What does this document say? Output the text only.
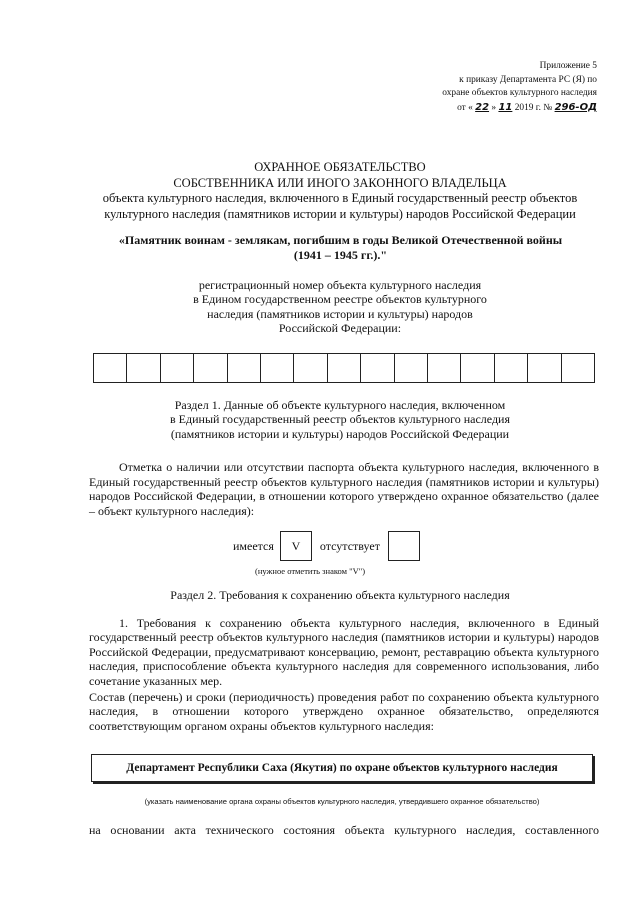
Приложение 5
к приказу Департамента РС (Я) по
охране объектов культурного наследия
от « 22 » 11 2019 г. № 296-ОД
ОХРАННОЕ ОБЯЗАТЕЛЬСТВО
СОБСТВЕННИКА ИЛИ ИНОГО ЗАКОННОГО ВЛАДЕЛЬЦА
объекта культурного наследия, включенного в Единый государственный реестр объектов
культурного наследия (памятников истории и культуры) народов Российской Федерации
«Памятник воинам - землякам, погибшим в годы Великой Отечественной войны
(1941 – 1945 гг.)."
регистрационный номер объекта культурного наследия
в Едином государственном реестре объектов культурного
наследия (памятников истории и культуры) народов
Российской Федерации:
Раздел 1. Данные об объекте культурного наследия, включенном
в Единый государственный реестр объектов культурного наследия
(памятников истории и культуры) народов Российской Федерации
Отметка о наличии или отсутствии паспорта объекта культурного наследия, включенного в Единый государственный реестр объектов культурного наследия (памятников истории и культуры) народов Российской Федерации, в отношении которого утверждено охранное обязательство (далее – объект культурного наследия):
имеется	V	отсутствует
(нужное отметить знаком "V")
Раздел 2. Требования к сохранению объекта культурного наследия
1. Требования к сохранению объекта культурного наследия, включенного в Единый государственный реестр объектов культурного наследия (памятников истории и культуры) народов Российской Федерации, предусматривают консервацию, ремонт, реставрацию объекта культурного наследия, приспособление объекта культурного наследия для современного использования, либо сочетание указанных мер.
Состав (перечень) и сроки (периодичность) проведения работ по сохранению объекта культурного наследия, в отношении которого утверждено охранное обязательство, определяются соответствующим органом охраны объектов культурного наследия:
Департамент Республики Саха (Якутия) по охране объектов культурного наследия
(указать наименование органа охраны объектов культурного наследия, утвердившего охранное обязательство)
на основании акта технического состояния объекта культурного наследия, составленного
